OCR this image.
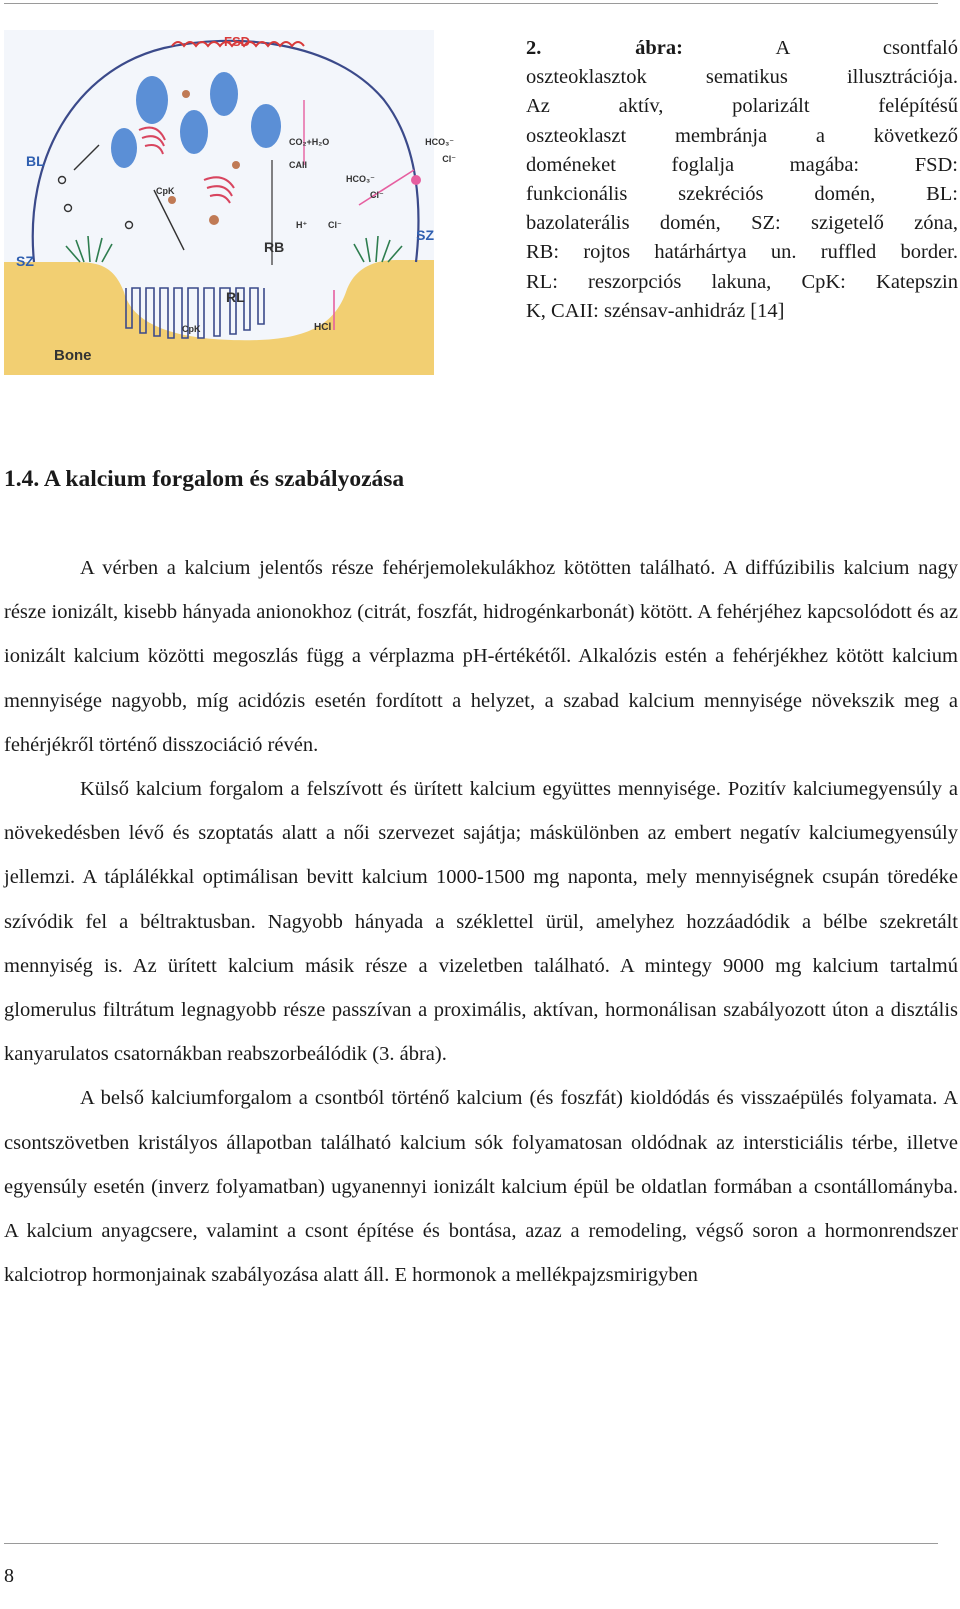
FSD
BL
SZ
SZ
RB
RL
CpK
CpK
CO₂+H₂O
CAII
HCO₃⁻
Cl⁻
H⁺ Cl⁻
HCO₃⁻
Cl⁻
HCl
Bone
2. ábra: A csontfaló
oszteoklasztok sematikus illusztrációja.
Az aktív, polarizált felépítésű
oszteoklaszt membránja a következő
doméneket foglalja magába: FSD:
funkcionális szekréciós domén, BL:
bazolaterális domén, SZ: szigetelő zóna,
RB: rojtos határhártya un. ruffled border.
RL: reszorpciós lakuna, CpK: Katepszin
K, CAII: szénsav-anhidráz [14]
1.4. A kalcium forgalom és szabályozása

A vérben a kalcium jelentős része fehérjemolekulákhoz kötötten található. A diffúzibilis kalcium nagy része ionizált, kisebb hányada anionokhoz (citrát, foszfát, hidrogénkarbonát) kötött. A fehérjéhez kapcsolódott és az ionizált kalcium közötti megoszlás függ a vérplazma pH-értékétől. Alkalózis estén a fehérjékhez kötött kalcium mennyisége nagyobb, míg acidózis esetén fordított a helyzet, a szabad kalcium mennyisége növekszik meg a fehérjékről történő disszociáció révén.

Külső kalcium forgalom a felszívott és ürített kalcium együttes mennyisége. Pozitív kalciumegyensúly a növekedésben lévő és szoptatás alatt a női szervezet sajátja; máskülönben az embert negatív kalciumegyensúly jellemzi. A táplálékkal optimálisan bevitt kalcium 1000-1500 mg naponta, mely mennyiségnek csupán töredéke szívódik fel a béltraktusban. Nagyobb hányada a széklettel ürül, amelyhez hozzáadódik a bélbe szekretált mennyiség is. Az ürített kalcium másik része a vizeletben található. A mintegy 9000 mg kalcium tartalmú glomerulus filtrátum legnagyobb része passzívan a proximális, aktívan, hormonálisan szabályozott úton a disztális kanyarulatos csatornákban reabszorbeálódik (3. ábra).

A belső kalciumforgalom a csontból történő kalcium (és foszfát) kioldódás és visszaépülés folyamata. A csontszövetben kristályos állapotban található kalcium sók folyamatosan oldódnak az intersticiális térbe, illetve egyensúly esetén (inverz folyamatban) ugyanennyi ionizált kalcium épül be oldatlan formában a csontállományba. A kalcium anyagcsere, valamint a csont építése és bontása, azaz a remodeling, végső soron a hormonrendszer kalciotrop hormonjainak szabályozása alatt áll. E hormonok a mellékpajzsmirigyben

8
